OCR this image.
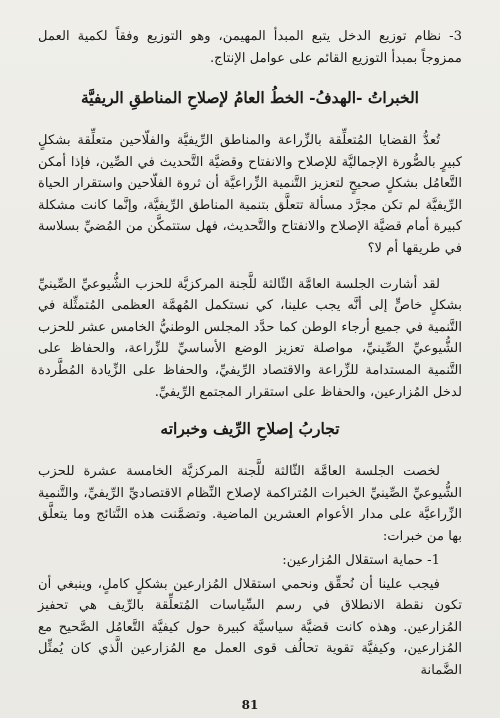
3- نظام توزيع الدخل يتبع المبدأ المهيمن، وهو التوزيع وفقاً لكمية العمل ممزوجاً بمبدأ التوزيع القائم على عوامل الإنتاج.

الخبراتُ -الهدفُ- الخطُ العامُ لإصلاحِ المناطقِ الريفيَّة

تُعدُّ القضايا المُتعلِّقة بالزِّراعة والمناطق الرِّيفيَّة والفلّاحين متعلِّقة بشكلٍ كبيرٍ بالصُّورة الإجماليَّة للإصلاح والانفتاح وقضيَّة التَّحديث في الصِّين، فإذا أمكن التَّعامُل بشكلٍ صحيحٍ لتعزيز التَّنمية الزِّراعيَّة أن ثروة الفلّاحين واستقرار الحياة الرِّيفيَّة لم تكن مجرَّد مسألة تتعلَّق بتنمية المناطق الرِّيفيَّة، وإنَّما كانت مشكلة كبيرة أمام قضيَّة الإصلاح والانفتاح والتَّحديث، فهل ستتمكَّن من المُضيِّ بسلاسة في طريقها أم لا؟

لقد أشارت الجلسة العامَّة الثّالثة للَّجنة المركزيَّة للحزب الشُّيوعيِّ الصِّينيِّ بشكلٍ خاصٍّ إلى أنَّه يجب علينا، كي نستكمل المُهمَّة العظمى المُتمثِّلة في التَّنمية في جميع أرجاء الوطن كما حدَّد المجلس الوطنيُّ الخامس عشر للحزب الشُّيوعيِّ الصِّينيِّ، مواصلة تعزيز الوضع الأساسيِّ للزِّراعة، والحفاظ على التَّنمية المستدامة للزِّراعة والاقتصاد الرِّيفيِّ، والحفاظ على الزِّيادة المُطَّردة لدخل المُزارعين، والحفاظ على استقرار المجتمع الرِّيفيِّ.

تجاربُ إصلاحِ الرِّيف وخبراته

لخصت الجلسة العامَّة الثّالثة للَّجنة المركزيَّة الخامسة عشرة للحزب الشُّيوعيِّ الصِّينيِّ الخبرات المُتراكمة لإصلاح النِّظام الاقتصاديِّ الرِّيفيِّ، والتَّنمية الزِّراعيَّة على مدار الأعوام العشرين الماضية. وتضمَّنت هذه النَّتائج وما يتعلَّق بها من خبرات:

1- حماية استقلال المُزارعين:

فيجب علينا أن نُحقِّق ونحمي استقلال المُزارعين بشكلٍ كاملٍ، وينبغي أن تكون نقطة الانطلاق في رسم السِّياسات المُتعلِّقة بالرِّيف هي تحفيز المُزارعين. وهذه كانت قضيَّة سياسيَّة كبيرة حول كيفيَّة التَّعامُل الصَّحيح مع المُزارعين، وكيفيَّة تقوية تحالُف قوى العمل مع المُزارعين الَّذي كان يُمثِّل الضَّمانة

81
